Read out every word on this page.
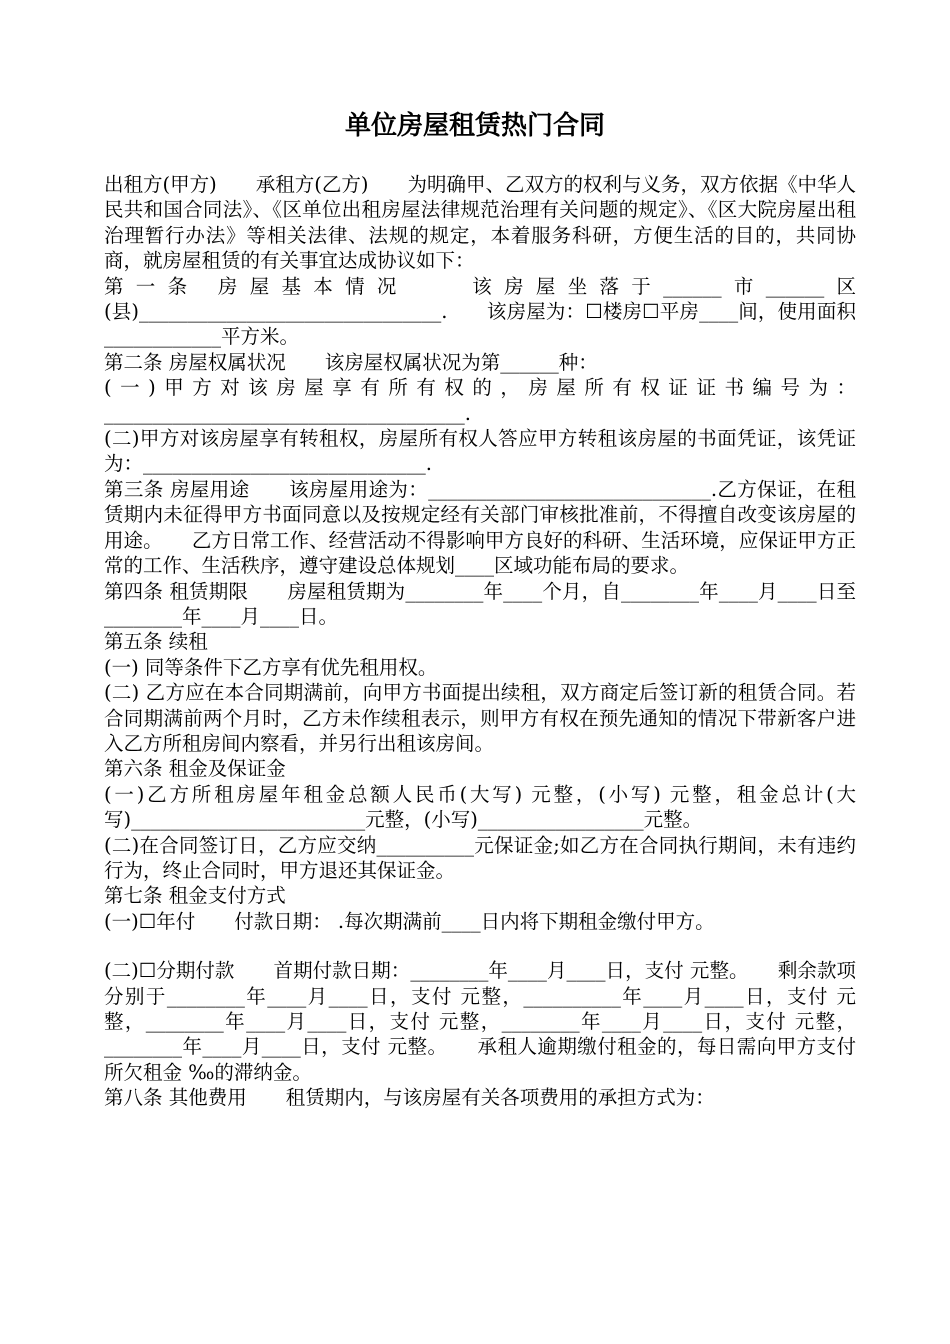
单位房屋租赁热门合同

出租方(甲方)　　承租方(乙方)　　为明确甲、乙双方的权利与义务，双方依据《中华人民共和国合同法》、《区单位出租房屋法律规范治理有关问题的规定》、《区大院房屋出租治理暂行办法》等相关法律、法规的规定，本着服务科研，方便生活的目的，共同协商，就房屋租赁的有关事宜达成协议如下：

第一条 房屋基本情况　　该房屋坐落于______市______区(县)_______________________________.　　该房屋为：☐楼房☐平房____间，使用面积____________平方米。

第二条 房屋权属状况　　该房屋权属状况为第______种：

(一)甲方对该房屋享有所有权的，房屋所有权证证书编号为：_____________________________________.

(二)甲方对该房屋享有转租权，房屋所有权人答应甲方转租该房屋的书面凭证，该凭证为：_____________________________.

第三条 房屋用途　　该房屋用途为：_____________________________.乙方保证，在租赁期内未征得甲方书面同意以及按规定经有关部门审核批准前，不得擅自改变该房屋的用途。　　乙方日常工作、经营活动不得影响甲方良好的科研、生活环境，应保证甲方正常的工作、生活秩序，遵守建设总体规划____区域功能布局的要求。

第四条 租赁期限　　房屋租赁期为________年____个月，自________年____月____日至________年____月____日。

第五条 续租

(一) 同等条件下乙方享有优先租用权。

(二) 乙方应在本合同期满前，向甲方书面提出续租，双方商定后签订新的租赁合同。若合同期满前两个月时，乙方未作续租表示，则甲方有权在预先通知的情况下带新客户进入乙方所租房间内察看，并另行出租该房间。

第六条 租金及保证金

(一)乙方所租房屋年租金总额人民币(大写) 元整，(小写) 元整，租金总计(大写)________________________元整，(小写)_________________元整。

(二)在合同签订日，乙方应交纳__________元保证金;如乙方在合同执行期间，未有违约行为，终止合同时，甲方退还其保证金。

第七条 租金支付方式

(一)☐年付　　付款日期： .每次期满前____日内将下期租金缴付甲方。

(二)☐分期付款　　首期付款日期：________年____月____日，支付 元整。　　剩余款项分别于________年____月____日，支付 元整，__________年____月____日，支付 元整，________年____月____日，支付 元整，________年____月____日，支付 元整，________年____月____日，支付 元整。　　承租人逾期缴付租金的，每日需向甲方支付所欠租金 ‰的滞纳金。

第八条 其他费用　　租赁期内，与该房屋有关各项费用的承担方式为：
